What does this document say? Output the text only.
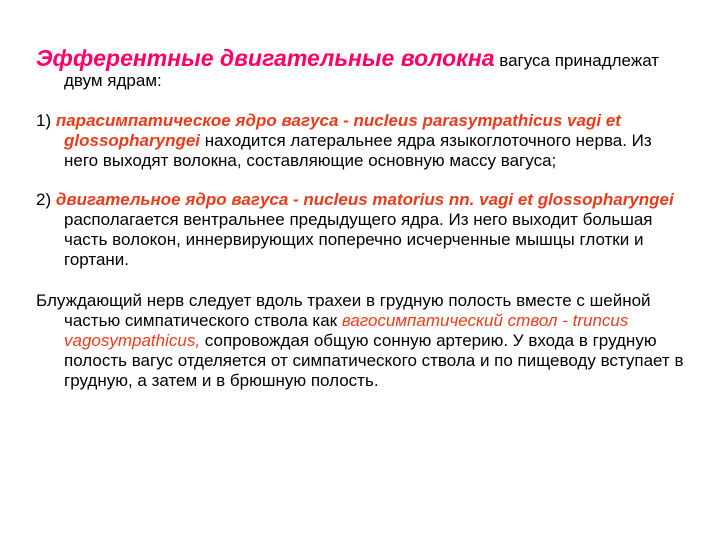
Эфферентные двигательные волокна вагуса принадлежат двум ядрам:

1) парасимпатическое ядро вагуса - nucleus parasympathicus vagi et glossopharyngei находится латеральнее ядра языкоглоточного нерва. Из него выходят волокна, составляющие основную массу вагуса;

2) двигательное ядро вагуса - nucleus matorius nn. vagi et glossopharyngei располагается вентральнее предыдущего ядра. Из него выходит большая часть волокон, иннервирующих поперечно исчерченные мышцы глотки и гортани.

Блуждающий нерв следует вдоль трахеи в грудную полость вместе с шейной частью симпатического ствола как вагосимпатический ствол - truncus vagosympathicus, сопровождая общую сонную артерию. У входа в грудную полость вагус отделяется от симпатического ствола и по пищеводу вступает в грудную, а затем и в брюшную полость.
